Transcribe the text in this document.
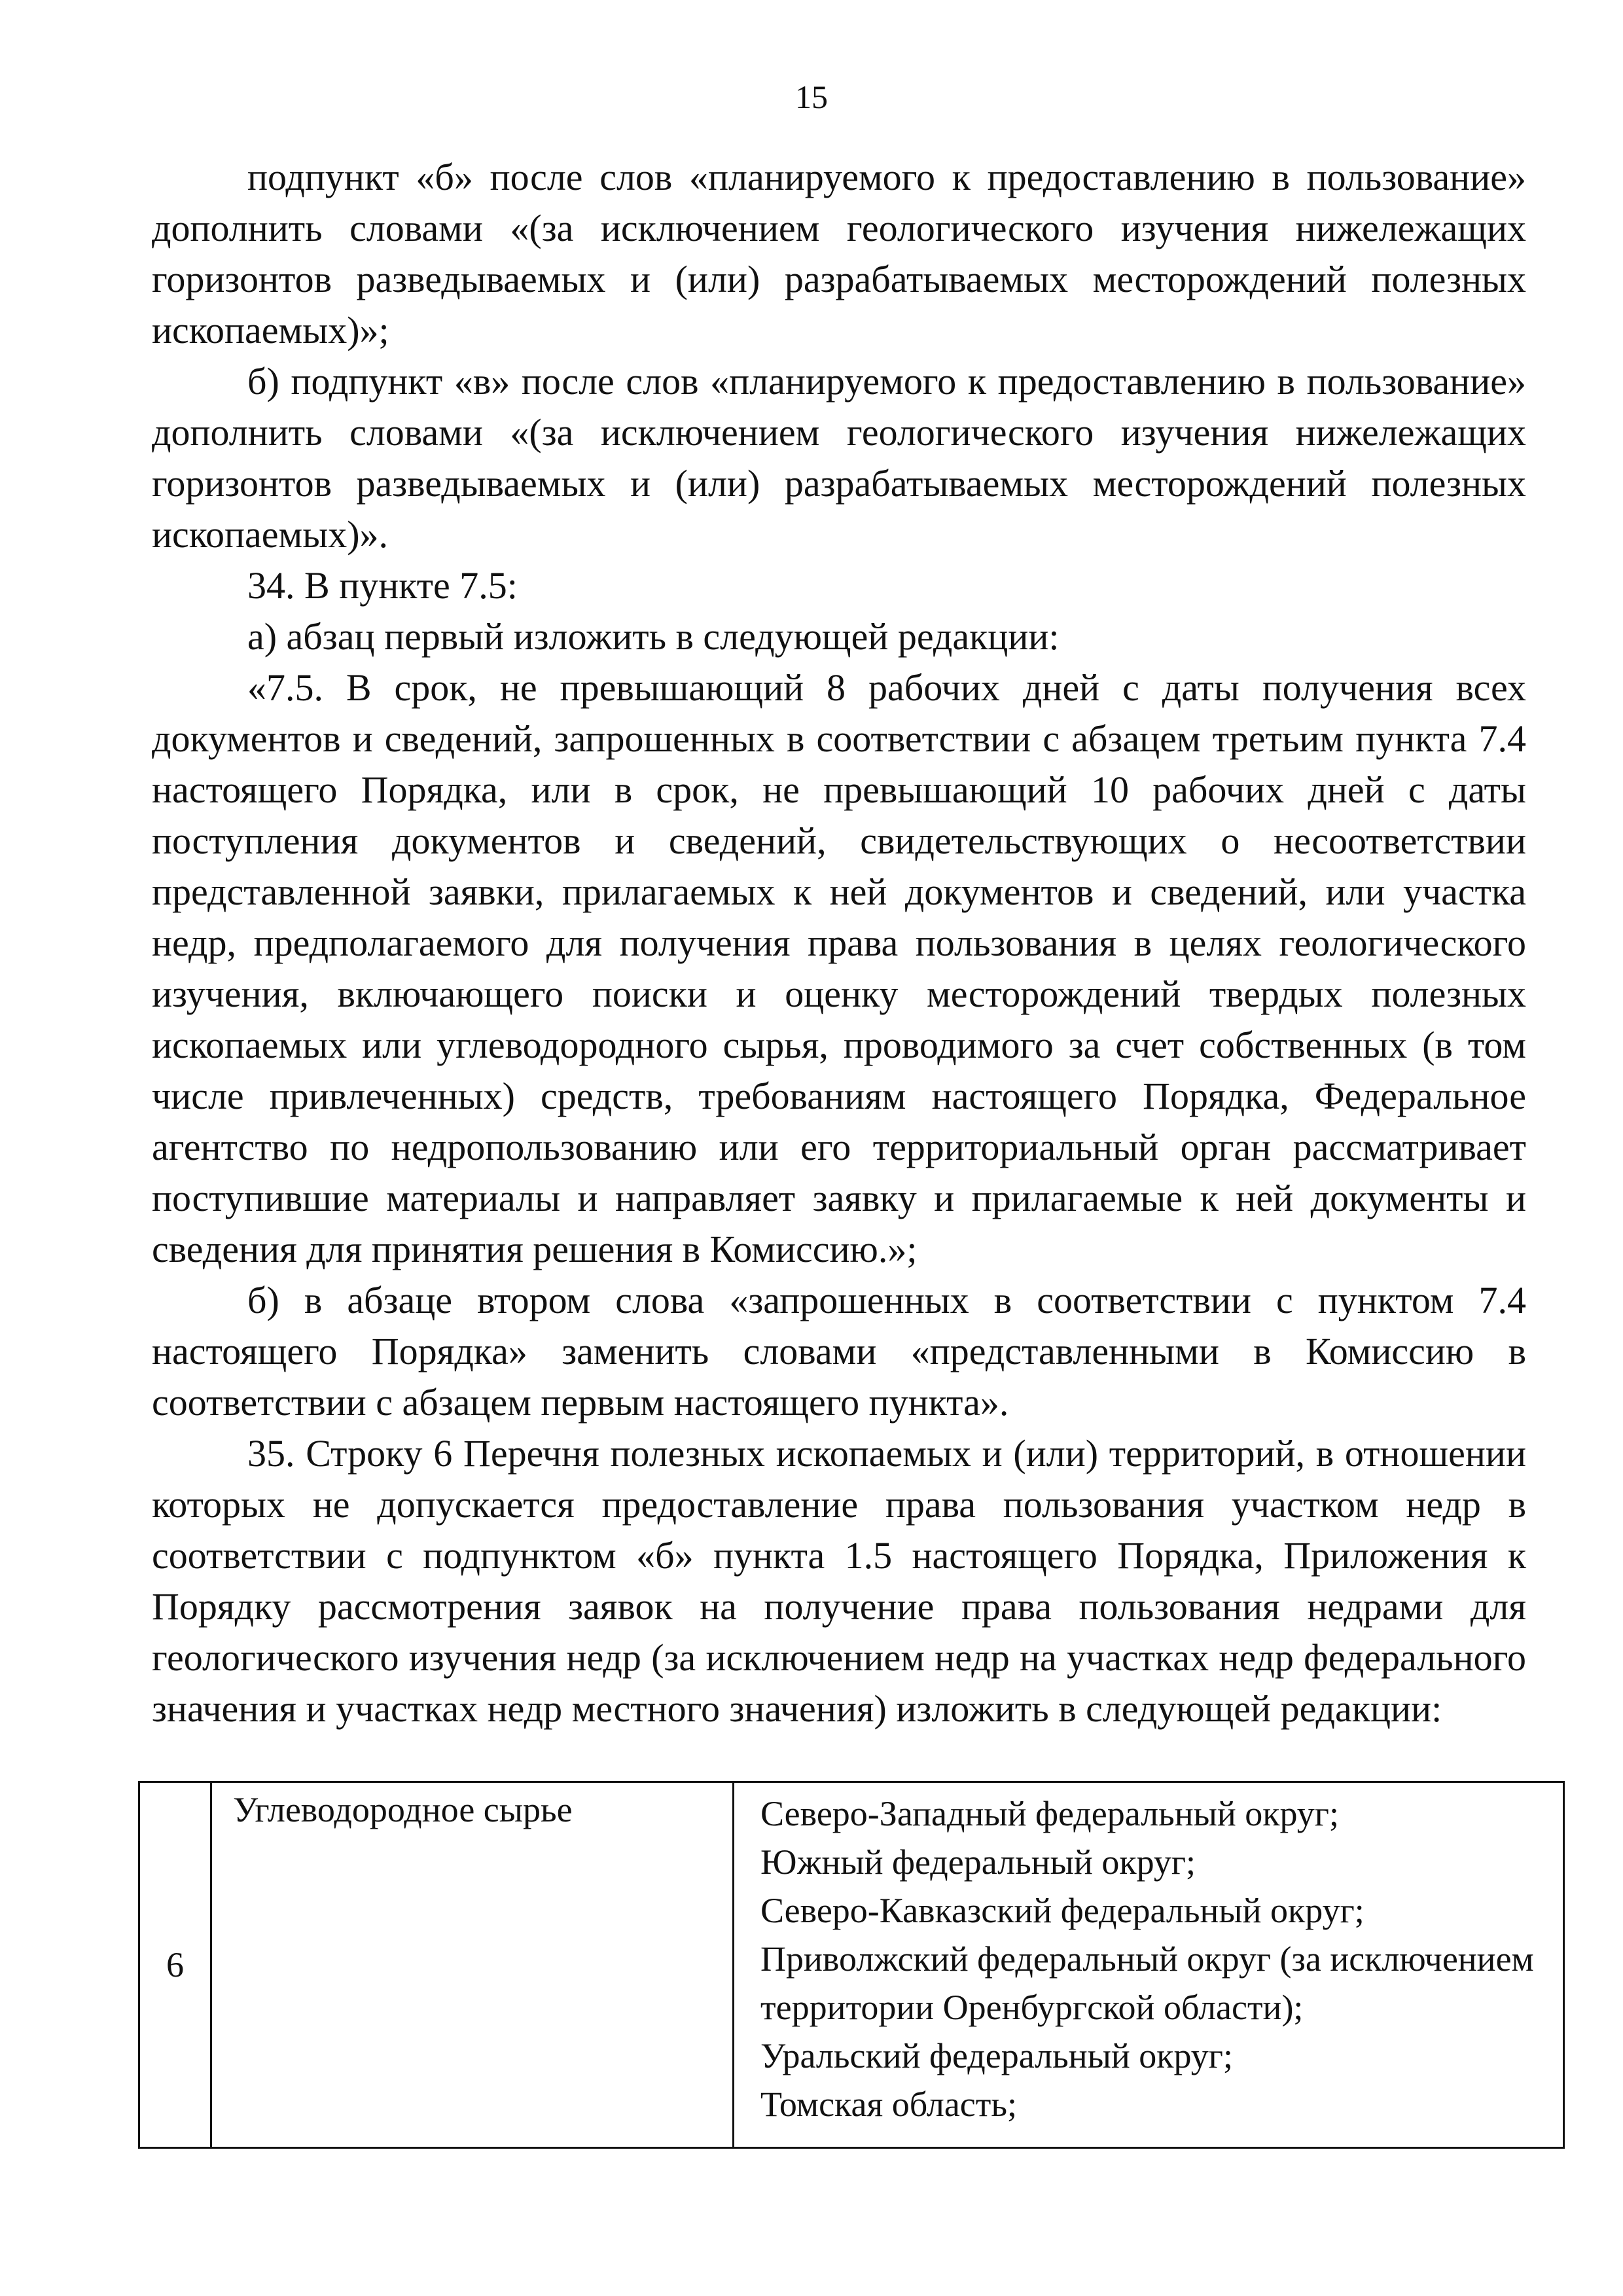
15

подпункт «б» после слов «планируемого к предоставлению в пользование» дополнить словами «(за исключением геологического изучения нижележащих горизонтов разведываемых и (или) разрабатываемых месторождений полезных ископаемых)»;

б) подпункт «в» после слов «планируемого к предоставлению в пользование» дополнить словами «(за исключением геологического изучения нижележащих горизонтов разведываемых и (или) разрабатываемых месторождений полезных ископаемых)».

34. В пункте 7.5:

а) абзац первый изложить в следующей редакции:

«7.5. В срок, не превышающий 8 рабочих дней с даты получения всех документов и сведений, запрошенных в соответствии с абзацем третьим пункта 7.4 настоящего Порядка, или в срок, не превышающий 10 рабочих дней с даты поступления документов и сведений, свидетельствующих о несоответствии представленной заявки, прилагаемых к ней документов и сведений, или участка недр, предполагаемого для получения права пользования в целях геологического изучения, включающего поиски и оценку месторождений твердых полезных ископаемых или углеводородного сырья, проводимого за счет собственных (в том числе привлеченных) средств, требованиям настоящего Порядка, Федеральное агентство по недропользованию или его территориальный орган рассматривает поступившие материалы и направляет заявку и прилагаемые к ней документы и сведения для принятия решения в Комиссию.»;

б) в абзаце втором слова «запрошенных в соответствии с пунктом 7.4 настоящего Порядка» заменить словами «представленными в Комиссию в соответствии с абзацем первым настоящего пункта».

35. Строку 6 Перечня полезных ископаемых и (или) территорий, в отношении которых не допускается предоставление права пользования участком недр в соответствии с подпунктом «б» пункта 1.5 настоящего Порядка, Приложения к Порядку рассмотрения заявок на получение права пользования недрами для геологического изучения недр (за исключением недр на участках недр федерального значения и участках недр местного значения) изложить в следующей редакции:

6	Углеводородное сырье	Северо-Западный федеральный округ;
Южный федеральный округ;
Северо-Кавказский федеральный округ;
Приволжский федеральный округ (за исключением территории Оренбургской области);
Уральский федеральный округ;
Томская область;
